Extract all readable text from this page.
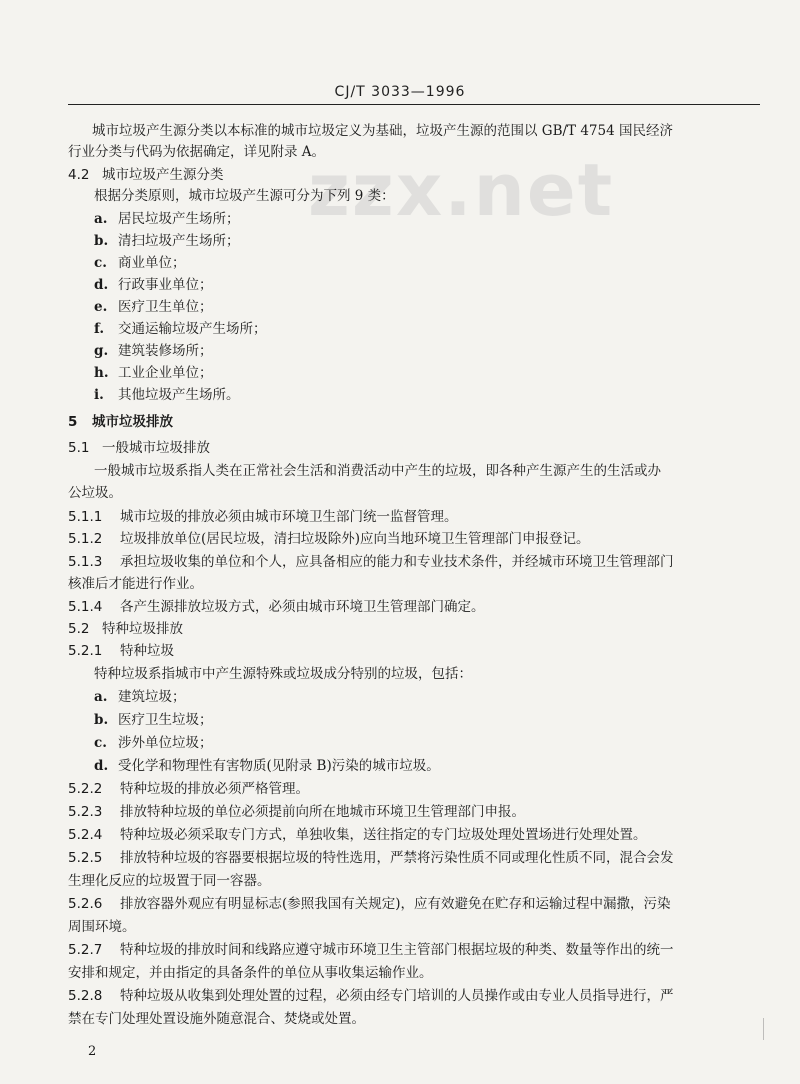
CJ/T 3033—1996
zzx.net
城市垃圾产生源分类以本标准的城市垃圾定义为基础，垃圾产生源的范围以 GB/T 4754 国民经济
行业分类与代码为依据确定，详见附录 A。
4.2 城市垃圾产生源分类
根据分类原则，城市垃圾产生源可分为下列 9 类：
a. 居民垃圾产生场所；
b. 清扫垃圾产生场所；
c. 商业单位；
d. 行政事业单位；
e. 医疗卫生单位；
f. 交通运输垃圾产生场所；
g. 建筑装修场所；
h. 工业企业单位；
i. 其他垃圾产生场所。
5 城市垃圾排放
5.1 一般城市垃圾排放
一般城市垃圾系指人类在正常社会生活和消费活动中产生的垃圾，即各种产生源产生的生活或办
公垃圾。
5.1.1 城市垃圾的排放必须由城市环境卫生部门统一监督管理。
5.1.2 垃圾排放单位(居民垃圾，清扫垃圾除外)应向当地环境卫生管理部门申报登记。
5.1.3 承担垃圾收集的单位和个人，应具备相应的能力和专业技术条件，并经城市环境卫生管理部门
核准后才能进行作业。
5.1.4 各产生源排放垃圾方式，必须由城市环境卫生管理部门确定。
5.2 特种垃圾排放
5.2.1 特种垃圾
特种垃圾系指城市中产生源特殊或垃圾成分特别的垃圾，包括：
a. 建筑垃圾；
b. 医疗卫生垃圾；
c. 涉外单位垃圾；
d. 受化学和物理性有害物质(见附录 B)污染的城市垃圾。
5.2.2 特种垃圾的排放必须严格管理。
5.2.3 排放特种垃圾的单位必须提前向所在地城市环境卫生管理部门申报。
5.2.4 特种垃圾必须采取专门方式，单独收集，送往指定的专门垃圾处理处置场进行处理处置。
5.2.5 排放特种垃圾的容器要根据垃圾的特性选用，严禁将污染性质不同或理化性质不同，混合会发
生理化反应的垃圾置于同一容器。
5.2.6 排放容器外观应有明显标志(参照我国有关规定)，应有效避免在贮存和运输过程中漏撒，污染
周围环境。
5.2.7 特种垃圾的排放时间和线路应遵守城市环境卫生主管部门根据垃圾的种类、数量等作出的统一
安排和规定，并由指定的具备条件的单位从事收集运输作业。
5.2.8 特种垃圾从收集到处理处置的过程，必须由经专门培训的人员操作或由专业人员指导进行，严
禁在专门处理处置设施外随意混合、焚烧或处置。
2
